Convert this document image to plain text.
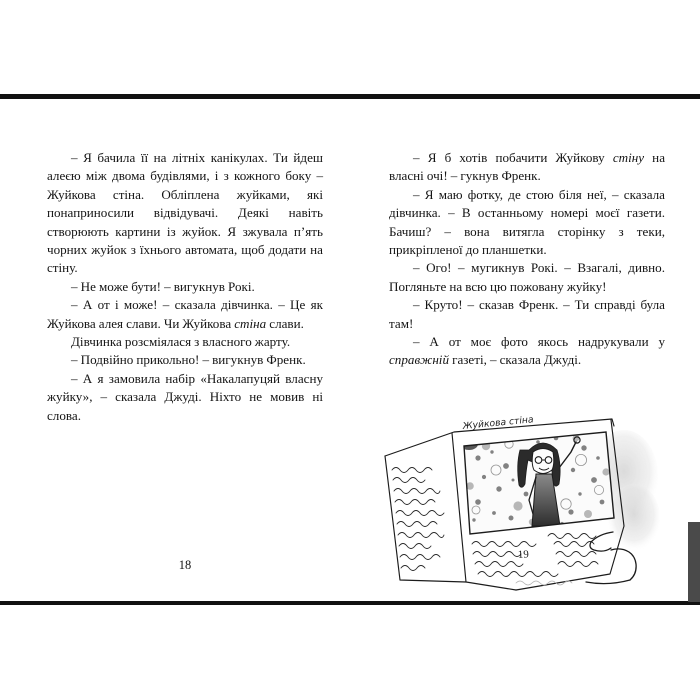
– Я бачила її на літніх канікулах. Ти йдеш алеєю між двома будівлями, і з кожного боку – Жуйкова стіна. Обліплена жуйками, які понаприносили відвідувачі. Деякі навіть створюють картини із жуйок. Я зжувала п’ять чорних жуйок з їхнього автомата, щоб додати на стіну.

– Не може бути! – вигукнув Рокі.

– А от і може! – сказала дівчинка. – Це як Жуйкова алея слави. Чи Жуйкова стіна слави.

Дівчинка розсміялася з власного жарту.

– Подвійно прикольно! – вигукнув Френк.

– А я замовила набір «Накалапуцяй власну жуйку», – сказала Джуді. Ніхто не мовив ні слова.

18

– Я б хотів побачити Жуйкову стіну на власні очі! – гукнув Френк.

– Я маю фотку, де стою біля неї, – сказала дівчинка. – В останньому номері моєї газети. Бачиш? – вона витягла сторінку з теки, прикріпленої до планшетки.

– Ого! – мугикнув Рокі. – Взагалі, дивно. Погляньте на всю цю пожовану жуйку!

– Круто! – сказав Френк. – Ти справді була там!

– А от моє фото якось надрукували у справжній газеті, – сказала Джуді.

Жуйкова стіна
19
